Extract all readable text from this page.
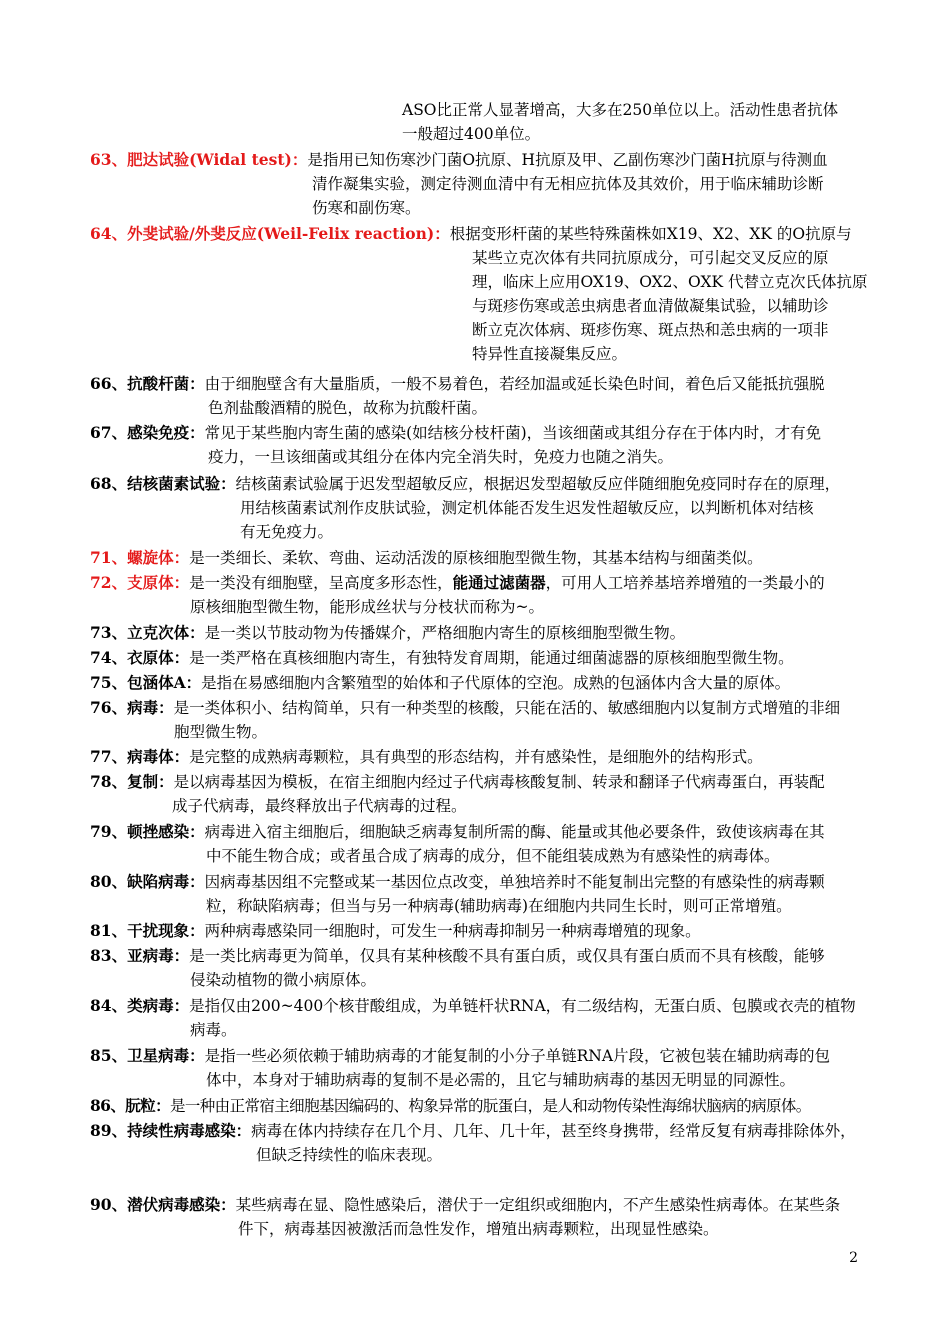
ASO比正常人显著增高，大多在250单位以上。活动性患者抗体
一般超过400单位。
63、肥达试验(Widal test)：是指用已知伤寒沙门菌O抗原、H抗原及甲、乙副伤寒沙门菌H抗原与待测血
清作凝集实验，测定待测血清中有无相应抗体及其效价，用于临床辅助诊断
伤寒和副伤寒。
64、外斐试验/外斐反应(Weil-Felix reaction)：根据变形杆菌的某些特殊菌株如X19、X2、XK 的O抗原与
某些立克次体有共同抗原成分，可引起交叉反应的原
理，临床上应用OX19、OX2、OXK 代替立克次氏体抗原
与斑疹伤寒或恙虫病患者血清做凝集试验，以辅助诊
断立克次体病、斑疹伤寒、斑点热和恙虫病的一项非
特异性直接凝集反应。
66、抗酸杆菌：由于细胞壁含有大量脂质，一般不易着色，若经加温或延长染色时间，着色后又能抵抗强脱
色剂盐酸酒精的脱色，故称为抗酸杆菌。
67、感染免疫：常见于某些胞内寄生菌的感染(如结核分枝杆菌)，当该细菌或其组分存在于体内时，才有免
疫力，一旦该细菌或其组分在体内完全消失时，免疫力也随之消失。
68、结核菌素试验：结核菌素试验属于迟发型超敏反应，根据迟发型超敏反应伴随细胞免疫同时存在的原理，
用结核菌素试剂作皮肤试验，测定机体能否发生迟发性超敏反应，以判断机体对结核
有无免疫力。
71、螺旋体：是一类细长、柔软、弯曲、运动活泼的原核细胞型微生物，其基本结构与细菌类似。
72、支原体：是一类没有细胞壁，呈高度多形态性，能通过滤菌器，可用人工培养基培养增殖的一类最小的
原核细胞型微生物，能形成丝状与分枝状而称为~。
73、立克次体：是一类以节肢动物为传播媒介，严格细胞内寄生的原核细胞型微生物。
74、衣原体：是一类严格在真核细胞内寄生，有独特发育周期，能通过细菌滤器的原核细胞型微生物。
75、包涵体A：是指在易感细胞内含繁殖型的始体和子代原体的空泡。成熟的包涵体内含大量的原体。
76、病毒：是一类体积小、结构简单，只有一种类型的核酸，只能在活的、敏感细胞内以复制方式增殖的非细
胞型微生物。
77、病毒体：是完整的成熟病毒颗粒，具有典型的形态结构，并有感染性，是细胞外的结构形式。
78、复制：是以病毒基因为模板，在宿主细胞内经过子代病毒核酸复制、转录和翻译子代病毒蛋白，再装配
成子代病毒，最终释放出子代病毒的过程。
79、顿挫感染：病毒进入宿主细胞后，细胞缺乏病毒复制所需的酶、能量或其他必要条件，致使该病毒在其
中不能生物合成；或者虽合成了病毒的成分，但不能组装成熟为有感染性的病毒体。
80、缺陷病毒：因病毒基因组不完整或某一基因位点改变，单独培养时不能复制出完整的有感染性的病毒颗
粒，称缺陷病毒；但当与另一种病毒(辅助病毒)在细胞内共同生长时，则可正常增殖。
81、干扰现象：两种病毒感染同一细胞时，可发生一种病毒抑制另一种病毒增殖的现象。
83、亚病毒：是一类比病毒更为简单，仅具有某种核酸不具有蛋白质，或仅具有蛋白质而不具有核酸，能够
侵染动植物的微小病原体。
84、类病毒：是指仅由200~400个核苷酸组成，为单链杆状RNA，有二级结构，无蛋白质、包膜或衣壳的植物
病毒。
85、卫星病毒：是指一些必须依赖于辅助病毒的才能复制的小分子单链RNA片段，它被包装在辅助病毒的包
体中，本身对于辅助病毒的复制不是必需的，且它与辅助病毒的基因无明显的同源性。
86、朊粒：是一种由正常宿主细胞基因编码的、构象异常的朊蛋白，是人和动物传染性海绵状脑病的病原体。
89、持续性病毒感染：病毒在体内持续存在几个月、几年、几十年，甚至终身携带，经常反复有病毒排除体外，
但缺乏持续性的临床表现。
90、潜伏病毒感染：某些病毒在显、隐性感染后，潜伏于一定组织或细胞内，不产生感染性病毒体。在某些条
件下，病毒基因被激活而急性发作，增殖出病毒颗粒，出现显性感染。
2
